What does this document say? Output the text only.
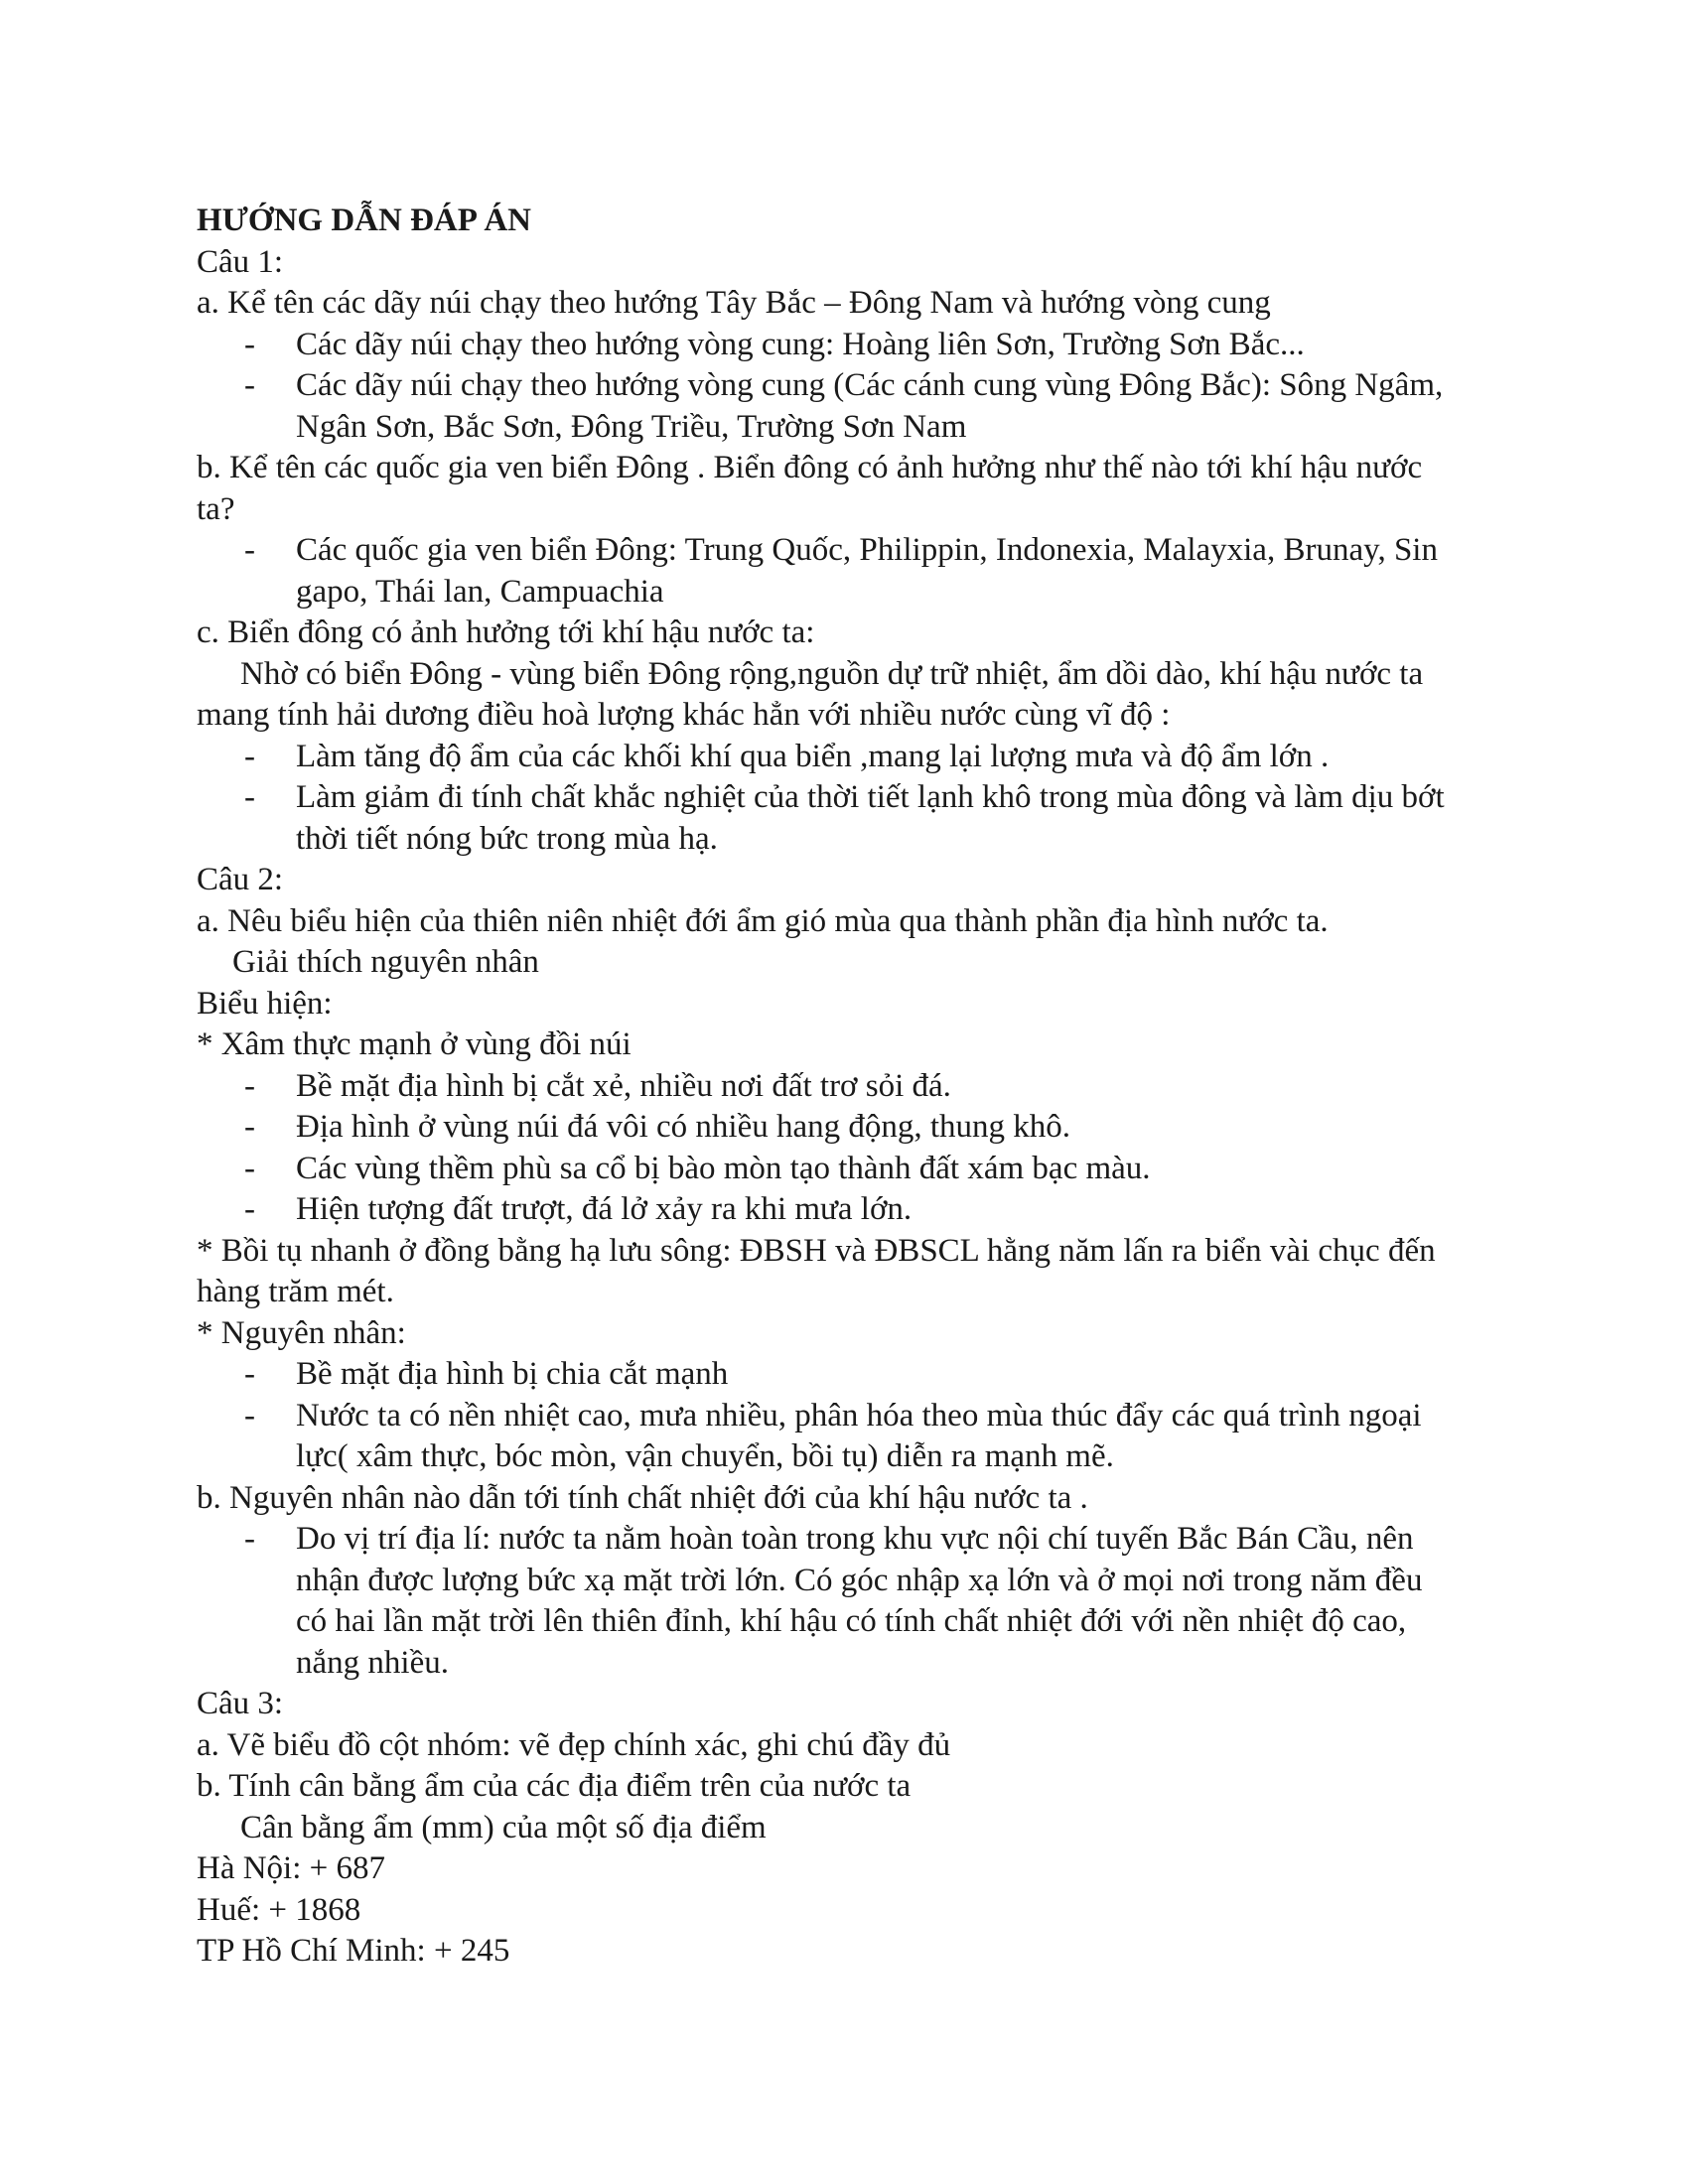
HƯỚNG DẪN ĐÁP ÁN
Câu 1:
a. Kể tên các dãy núi chạy theo hướng Tây Bắc – Đông Nam và hướng vòng cung
- Các dãy núi chạy theo hướng vòng cung: Hoàng liên Sơn, Trường Sơn Bắc...
- Các dãy núi chạy theo hướng vòng cung (Các cánh cung vùng Đông Bắc): Sông Ngâm,
Ngân Sơn, Bắc Sơn, Đông Triều, Trường Sơn Nam
b. Kể tên các quốc gia ven biển Đông . Biển đông có ảnh hưởng như thế nào tới khí hậu nước
ta?
- Các quốc gia ven biển Đông: Trung Quốc, Philippin, Indonexia, Malayxia, Brunay, Sin
gapo, Thái lan, Campuachia
c. Biển đông có ảnh hưởng tới khí hậu nước ta:
Nhờ có biển Đông - vùng biển Đông rộng,nguồn dự trữ nhiệt, ẩm dồi dào, khí hậu nước ta
mang tính hải dương điều hoà lượng khác hẳn với nhiều nước cùng vĩ độ :
- Làm tăng độ ẩm của các khối khí qua biển ,mang lại lượng mưa và độ ẩm lớn .
- Làm giảm đi tính chất khắc nghiệt của thời tiết lạnh khô trong mùa đông và làm dịu bớt
thời tiết nóng bức trong mùa hạ.
Câu 2:
a. Nêu biểu hiện của thiên niên nhiệt đới ẩm gió mùa qua thành phần địa hình nước ta.
Giải thích nguyên nhân
Biểu hiện:
* Xâm thực mạnh ở vùng đồi núi
- Bề mặt địa hình bị cắt xẻ, nhiều nơi đất trơ sỏi đá.
- Địa hình ở vùng núi đá vôi có nhiều hang động, thung khô.
- Các vùng thềm phù sa cổ bị bào mòn tạo thành đất xám bạc màu.
- Hiện tượng đất trượt, đá lở xảy ra khi mưa lớn.
* Bồi tụ nhanh ở đồng bằng hạ lưu sông: ĐBSH và ĐBSCL hằng năm lấn ra biển vài chục đến
hàng trăm mét.
* Nguyên nhân:
- Bề mặt địa hình bị chia cắt mạnh
- Nước ta có nền nhiệt cao, mưa nhiều, phân hóa theo mùa thúc đẩy các quá trình ngoại
lực( xâm thực, bóc mòn, vận chuyển, bồi tụ) diễn ra mạnh mẽ.
b. Nguyên nhân nào dẫn tới tính chất nhiệt đới của khí hậu nước ta .
- Do vị trí địa lí: nước ta nằm hoàn toàn trong khu vực nội chí tuyến Bắc Bán Cầu, nên
nhận được lượng bức xạ mặt trời lớn. Có góc nhập xạ lớn và ở mọi nơi trong năm đều
có hai lần mặt trời lên thiên đỉnh, khí hậu có tính chất nhiệt đới với nền nhiệt độ cao,
nắng nhiều.
Câu 3:
a. Vẽ biểu đồ cột nhóm: vẽ đẹp chính xác, ghi chú đầy đủ
b. Tính cân bằng ẩm của các địa điểm trên của nước ta
Cân bằng ẩm (mm) của một số địa điểm
Hà Nội: + 687
Huế: + 1868
TP Hồ Chí Minh: + 245
